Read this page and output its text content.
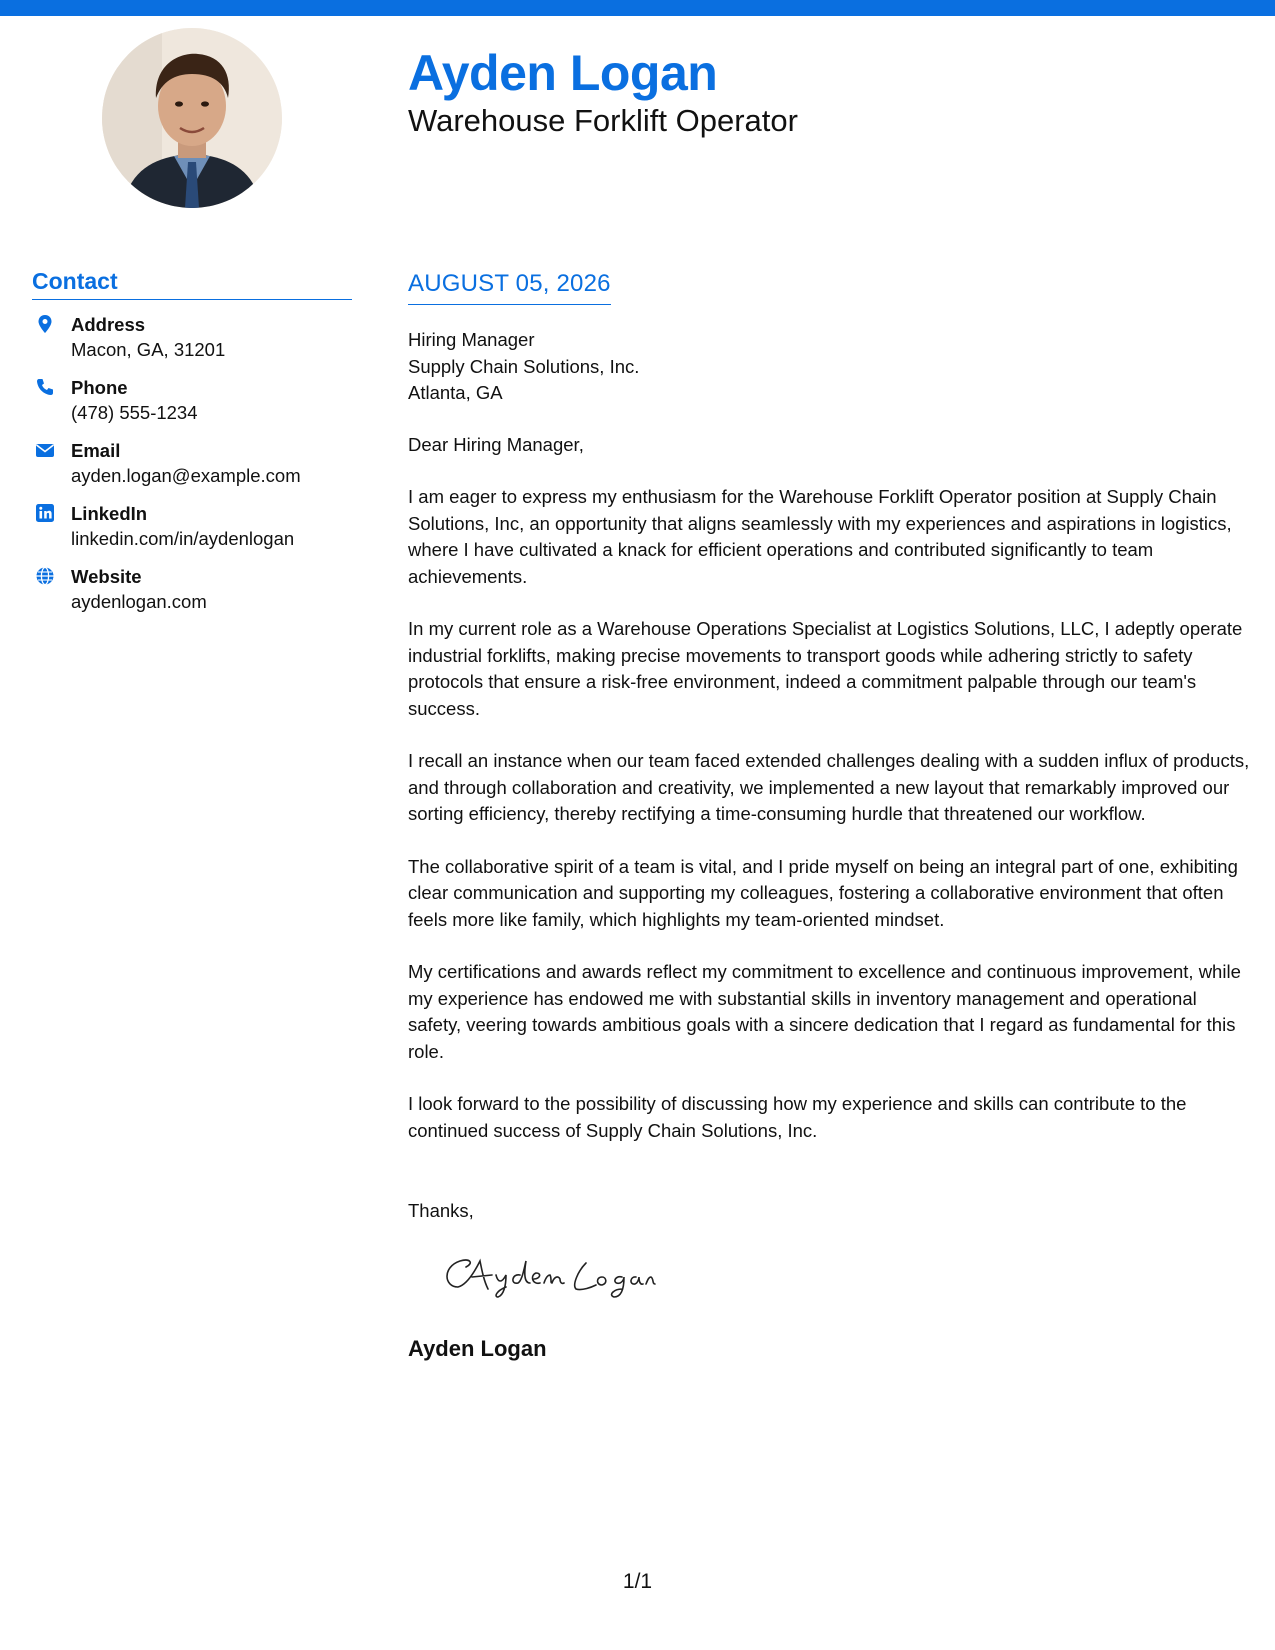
Ayden Logan
Warehouse Forklift Operator
Contact
Address
Macon, GA, 31201
Phone
(478) 555-1234
Email
ayden.logan@example.com
LinkedIn
linkedin.com/in/aydenlogan
Website
aydenlogan.com
AUGUST 05, 2026
Hiring Manager
Supply Chain Solutions, Inc.
Atlanta, GA
Dear Hiring Manager,

I am eager to express my enthusiasm for the Warehouse Forklift Operator position at Supply Chain Solutions, Inc, an opportunity that aligns seamlessly with my experiences and aspirations in logistics, where I have cultivated a knack for efficient operations and contributed significantly to team achievements.

In my current role as a Warehouse Operations Specialist at Logistics Solutions, LLC, I adeptly operate industrial forklifts, making precise movements to transport goods while adhering strictly to safety protocols that ensure a risk-free environment, indeed a commitment palpable through our team's success.

I recall an instance when our team faced extended challenges dealing with a sudden influx of products, and through collaboration and creativity, we implemented a new layout that remarkably improved our sorting efficiency, thereby rectifying a time-consuming hurdle that threatened our workflow.

The collaborative spirit of a team is vital, and I pride myself on being an integral part of one, exhibiting clear communication and supporting my colleagues, fostering a collaborative environment that often feels more like family, which highlights my team-oriented mindset.

My certifications and awards reflect my commitment to excellence and continuous improvement, while my experience has endowed me with substantial skills in inventory management and operational safety, veering towards ambitious goals with a sincere dedication that I regard as fundamental for this role.

I look forward to the possibility of discussing how my experience and skills can contribute to the continued success of Supply Chain Solutions, Inc.

Thanks,
Ayden Logan
1/1
